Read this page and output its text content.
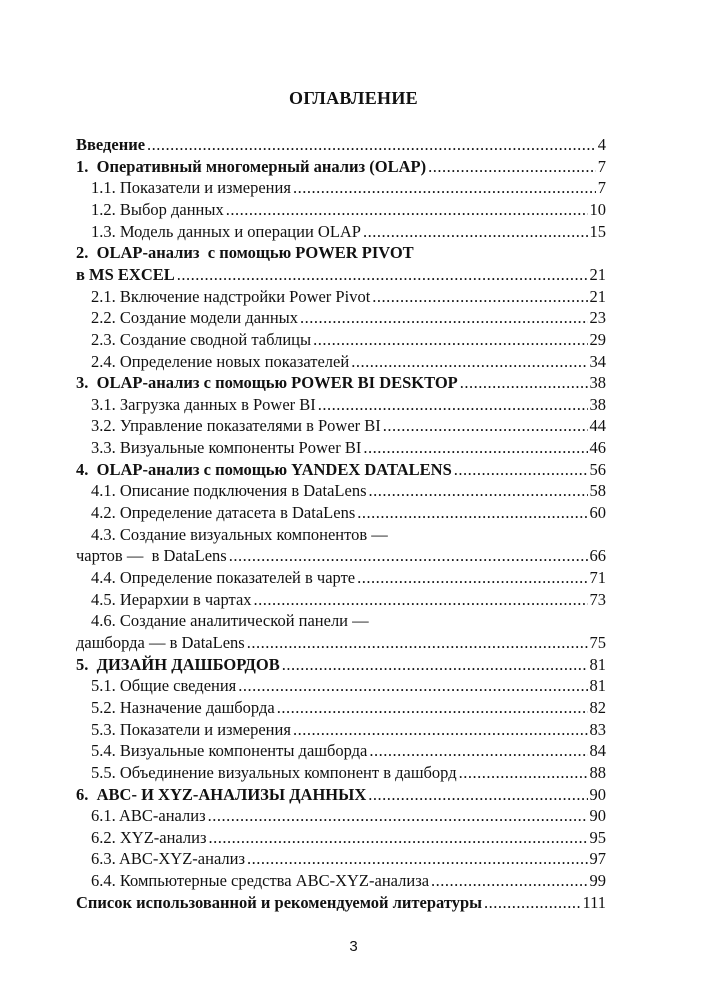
ОГЛАВЛЕНИЕ
Введение .....	4
1.  Оперативный многомерный анализ (OLAP) .....	7
1.1. Показатели и измерения .....	7
1.2. Выбор данных .....	10
1.3. Модель данных и операции OLAP .....	15
2.  OLAP-анализ  с помощью POWER PIVOT
в MS EXCEL .....	21
2.1. Включение надстройки Power Pivot .....	21
2.2. Создание модели данных .....	23
2.3. Создание сводной таблицы .....	29
2.4. Определение новых показателей .....	34
3.  OLAP-анализ с помощью POWER BI DESKTOP .....	38
3.1. Загрузка данных в Power BI .....	38
3.2. Управление показателями в Power BI .....	44
3.3. Визуальные компоненты Power BI .....	46
4.  OLAP-анализ с помощью YANDEX DATALENS .....	56
4.1. Описание подключения в DataLens .....	58
4.2. Определение датасета в DataLens .....	60
4.3. Создание визуальных компонентов —
чартов —  в DataLens .....	66
4.4. Определение показателей в чарте .....	71
4.5. Иерархии в чартах .....	73
4.6. Создание аналитической панели —
дашборда — в DataLens .....	75
5.  ДИЗАЙН ДАШБОРДОВ .....	81
5.1. Общие сведения .....	81
5.2. Назначение дашборда .....	82
5.3. Показатели и измерения .....	83
5.4. Визуальные компоненты дашборда .....	84
5.5. Объединение визуальных компонент в дашборд .....	88
6.  ABC- И XYZ-АНАЛИЗЫ ДАННЫХ .....	90
6.1. ABC-анализ .....	90
6.2. XYZ-анализ .....	95
6.3. ABC-XYZ-анализ .....	97
6.4. Компьютерные средства ABC-XYZ-анализа .....	99
Список использованной и рекомендуемой литературы .....	111
3
